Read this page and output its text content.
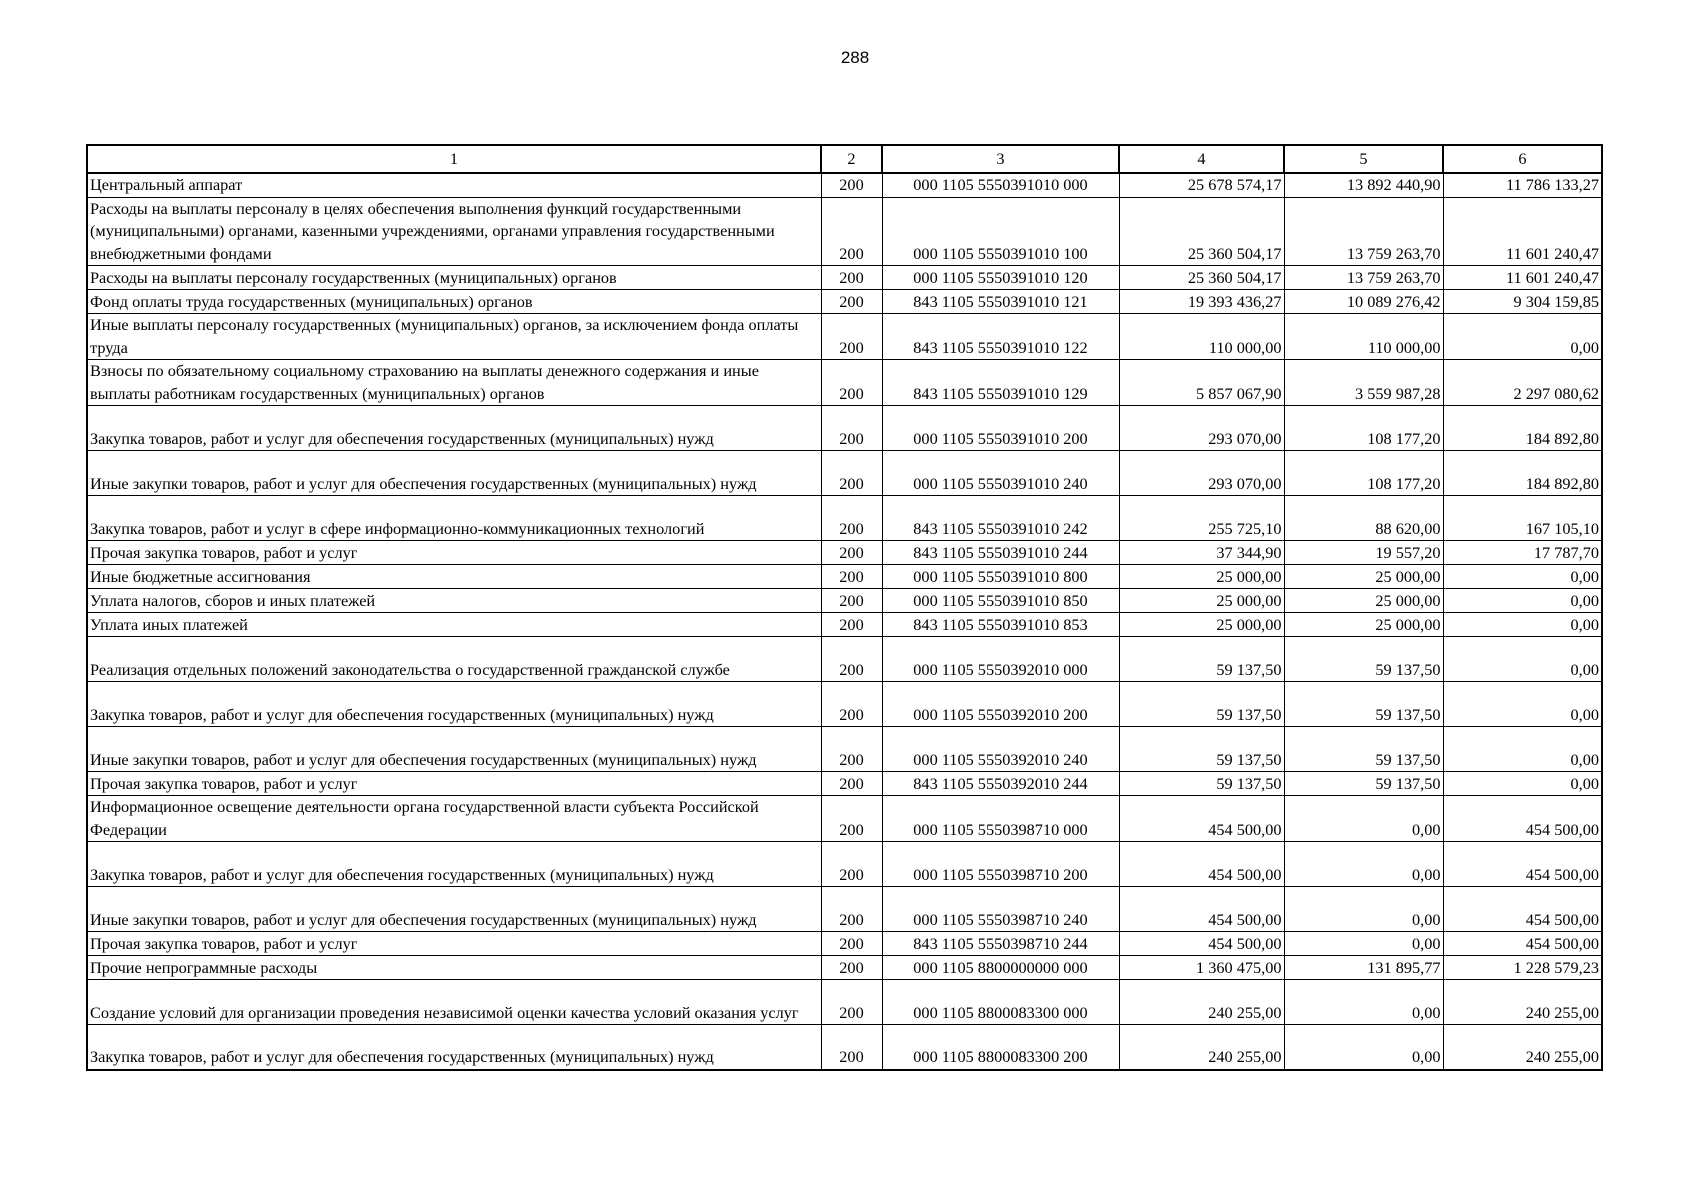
288
1	2	3	4	5	6
Центральный аппарат	200	000 1105 5550391010 000	25 678 574,17	13 892 440,90	11 786 133,27
Расходы на выплаты персоналу в целях обеспечения выполнения функций государственными (муниципальными) органами, казенными учреждениями, органами управления государственными внебюджетными фондами	200	000 1105 5550391010 100	25 360 504,17	13 759 263,70	11 601 240,47
Расходы на выплаты персоналу государственных (муниципальных) органов	200	000 1105 5550391010 120	25 360 504,17	13 759 263,70	11 601 240,47
Фонд оплаты труда государственных (муниципальных) органов	200	843 1105 5550391010 121	19 393 436,27	10 089 276,42	9 304 159,85
Иные выплаты персоналу государственных (муниципальных) органов, за исключением фонда оплаты труда	200	843 1105 5550391010 122	110 000,00	110 000,00	0,00
Взносы по обязательному социальному страхованию на выплаты денежного содержания и иные выплаты работникам государственных (муниципальных) органов	200	843 1105 5550391010 129	5 857 067,90	3 559 987,28	2 297 080,62
Закупка товаров, работ и услуг для обеспечения государственных (муниципальных) нужд	200	000 1105 5550391010 200	293 070,00	108 177,20	184 892,80
Иные закупки товаров, работ и услуг для обеспечения государственных (муниципальных) нужд	200	000 1105 5550391010 240	293 070,00	108 177,20	184 892,80
Закупка товаров, работ и услуг в сфере информационно-коммуникационных технологий	200	843 1105 5550391010 242	255 725,10	88 620,00	167 105,10
Прочая закупка товаров, работ и услуг	200	843 1105 5550391010 244	37 344,90	19 557,20	17 787,70
Иные бюджетные ассигнования	200	000 1105 5550391010 800	25 000,00	25 000,00	0,00
Уплата налогов, сборов и иных платежей	200	000 1105 5550391010 850	25 000,00	25 000,00	0,00
Уплата иных платежей	200	843 1105 5550391010 853	25 000,00	25 000,00	0,00
Реализация отдельных положений законодательства о государственной гражданской службе	200	000 1105 5550392010 000	59 137,50	59 137,50	0,00
Закупка товаров, работ и услуг для обеспечения государственных (муниципальных) нужд	200	000 1105 5550392010 200	59 137,50	59 137,50	0,00
Иные закупки товаров, работ и услуг для обеспечения государственных (муниципальных) нужд	200	000 1105 5550392010 240	59 137,50	59 137,50	0,00
Прочая закупка товаров, работ и услуг	200	843 1105 5550392010 244	59 137,50	59 137,50	0,00
Информационное освещение деятельности органа государственной власти субъекта Российской Федерации	200	000 1105 5550398710 000	454 500,00	0,00	454 500,00
Закупка товаров, работ и услуг для обеспечения государственных (муниципальных) нужд	200	000 1105 5550398710 200	454 500,00	0,00	454 500,00
Иные закупки товаров, работ и услуг для обеспечения государственных (муниципальных) нужд	200	000 1105 5550398710 240	454 500,00	0,00	454 500,00
Прочая закупка товаров, работ и услуг	200	843 1105 5550398710 244	454 500,00	0,00	454 500,00
Прочие непрограммные расходы	200	000 1105 8800000000 000	1 360 475,00	131 895,77	1 228 579,23
Создание условий для организации проведения независимой оценки качества условий оказания услуг	200	000 1105 8800083300 000	240 255,00	0,00	240 255,00
Закупка товаров, работ и услуг для обеспечения государственных (муниципальных) нужд	200	000 1105 8800083300 200	240 255,00	0,00	240 255,00
